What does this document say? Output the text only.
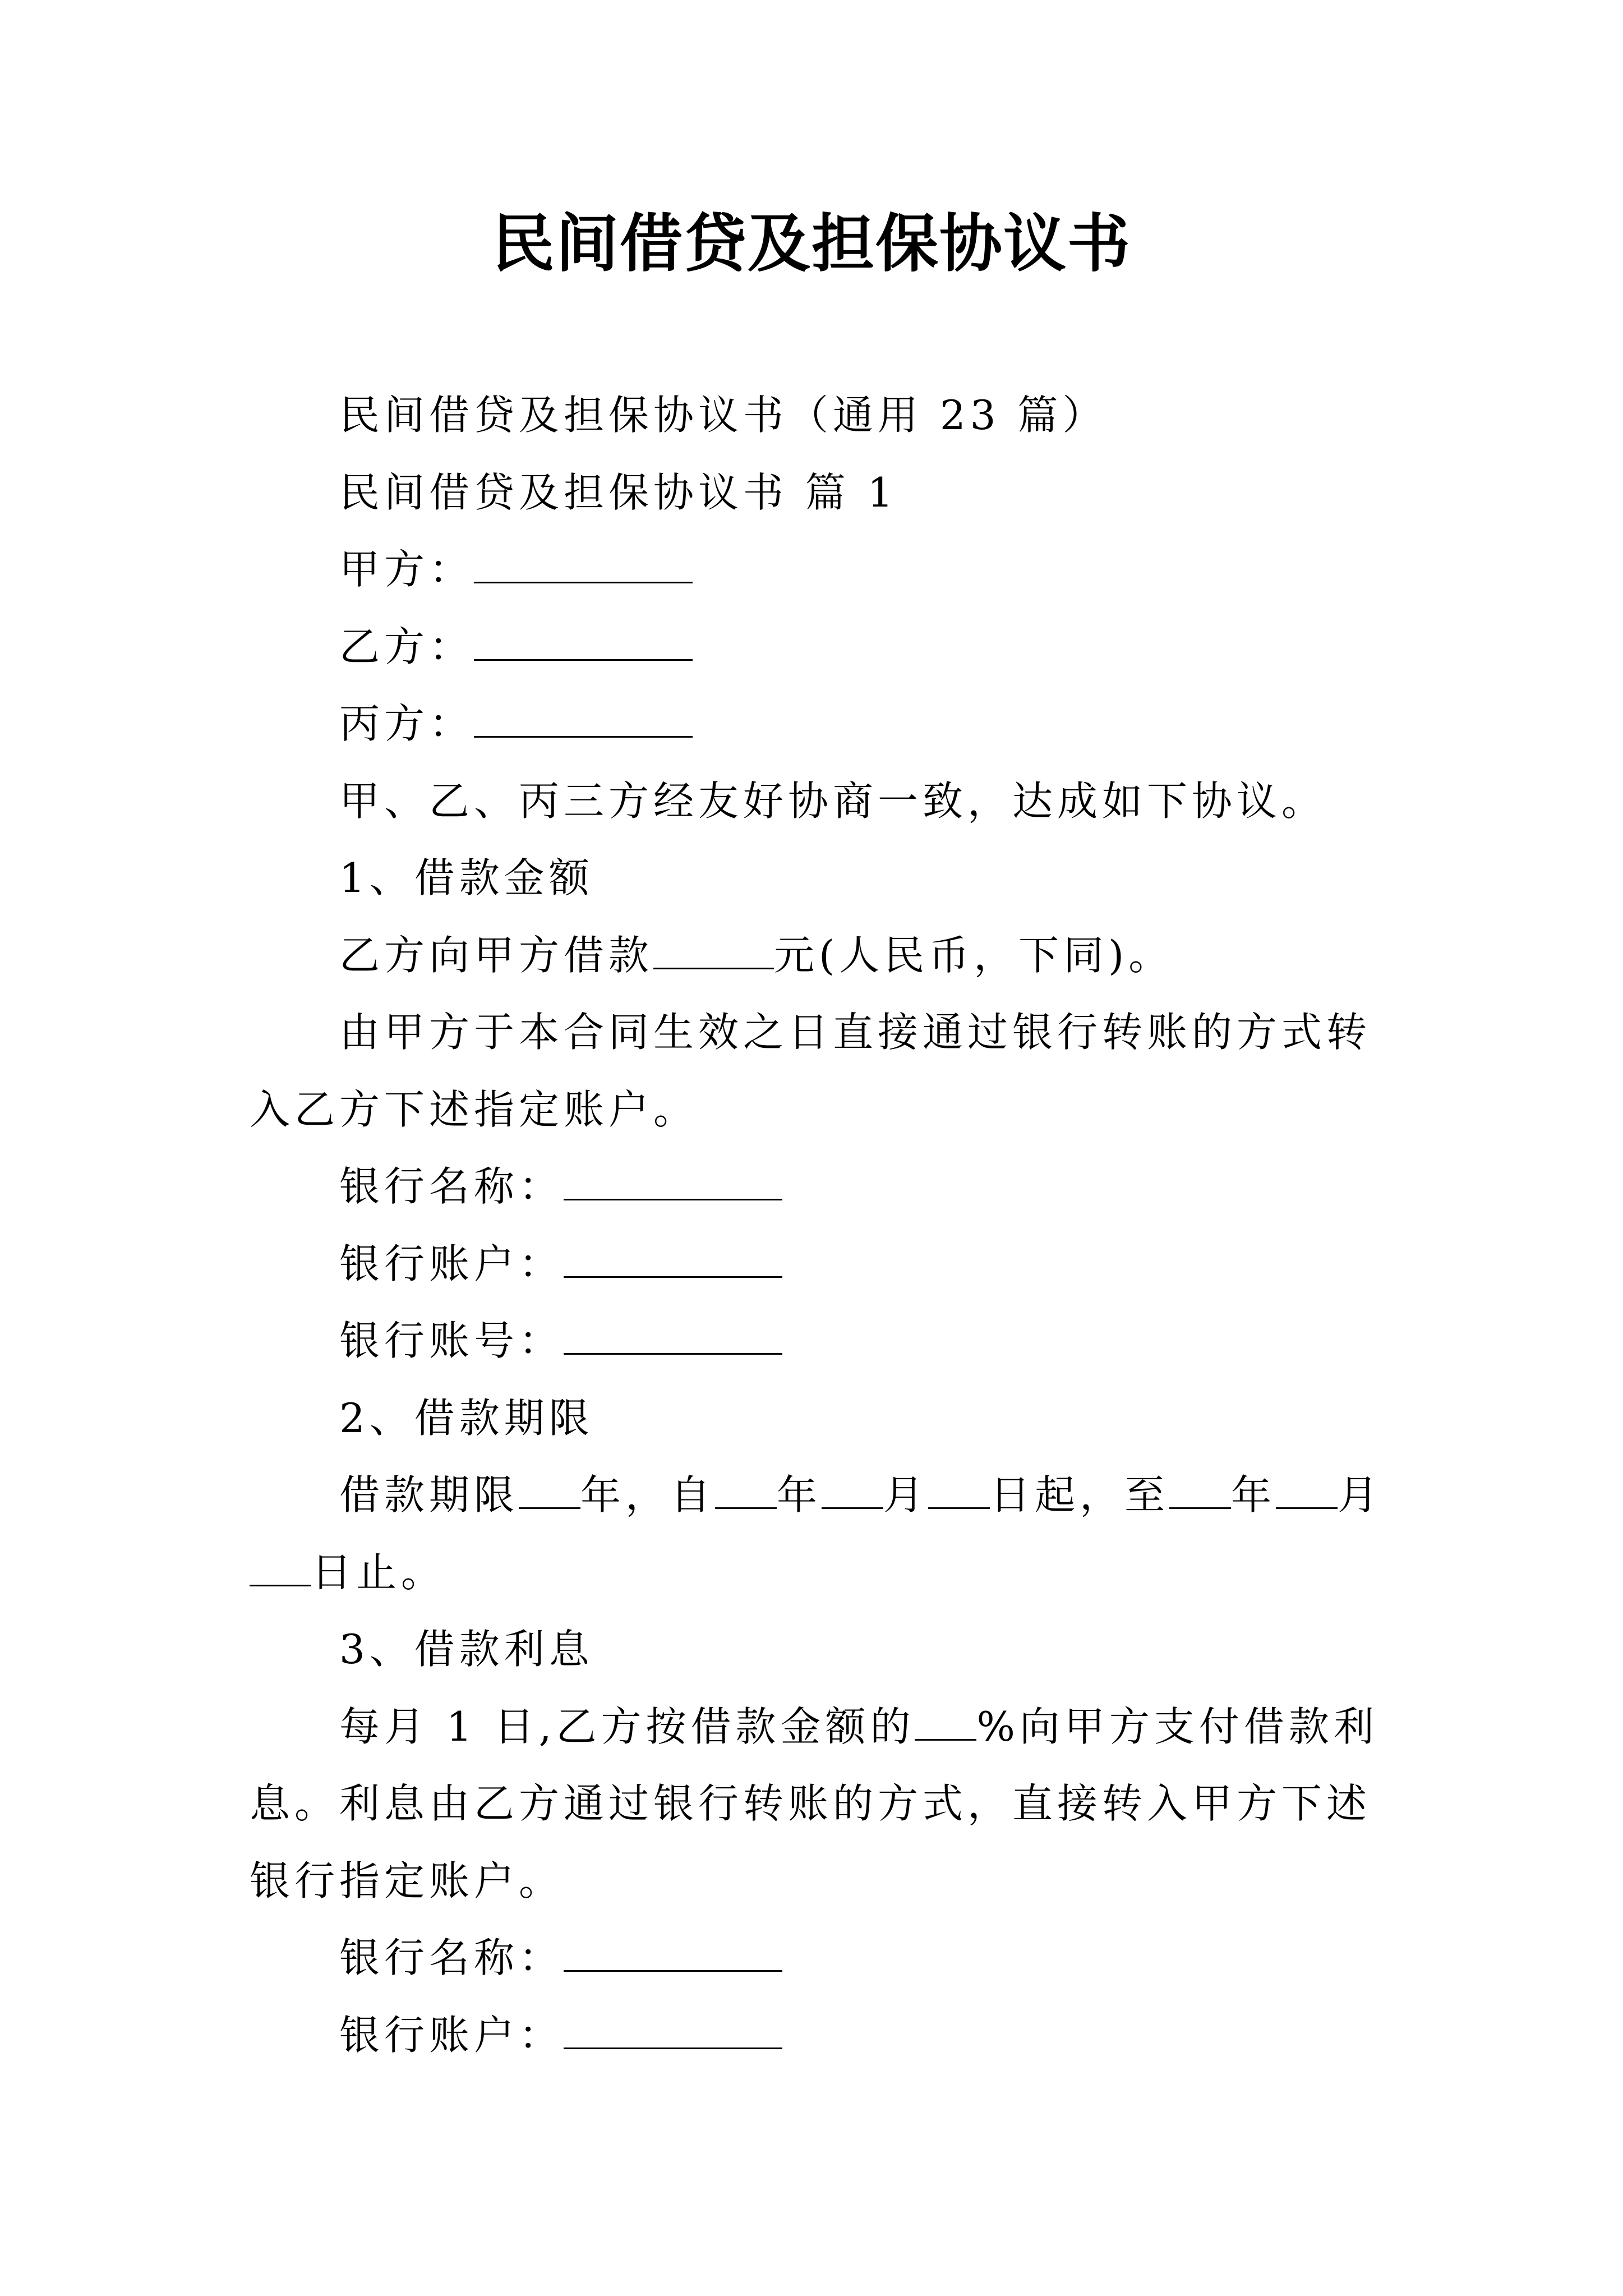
民间借贷及担保协议书

民间借贷及担保协议书（通用 23 篇）

民间借贷及担保协议书 篇 1

甲方：

乙方：

丙方：

甲、乙、丙三方经友好协商一致，达成如下协议。

1、借款金额

乙方向甲方借款	元(人民币，下同)。

由甲方于本合同生效之日直接通过银行转账的方式转入乙方下述指定账户。

银行名称：

银行账户：

银行账号：

2、借款期限

借款期限 年，自 年 月 日起，至 年 月日止。

3、借款利息

每月 1 日,乙方按借款金额的 %向甲方支付借款利息。利息由乙方通过银行转账的方式，直接转入甲方下述银行指定账户。

银行名称：

银行账户：
